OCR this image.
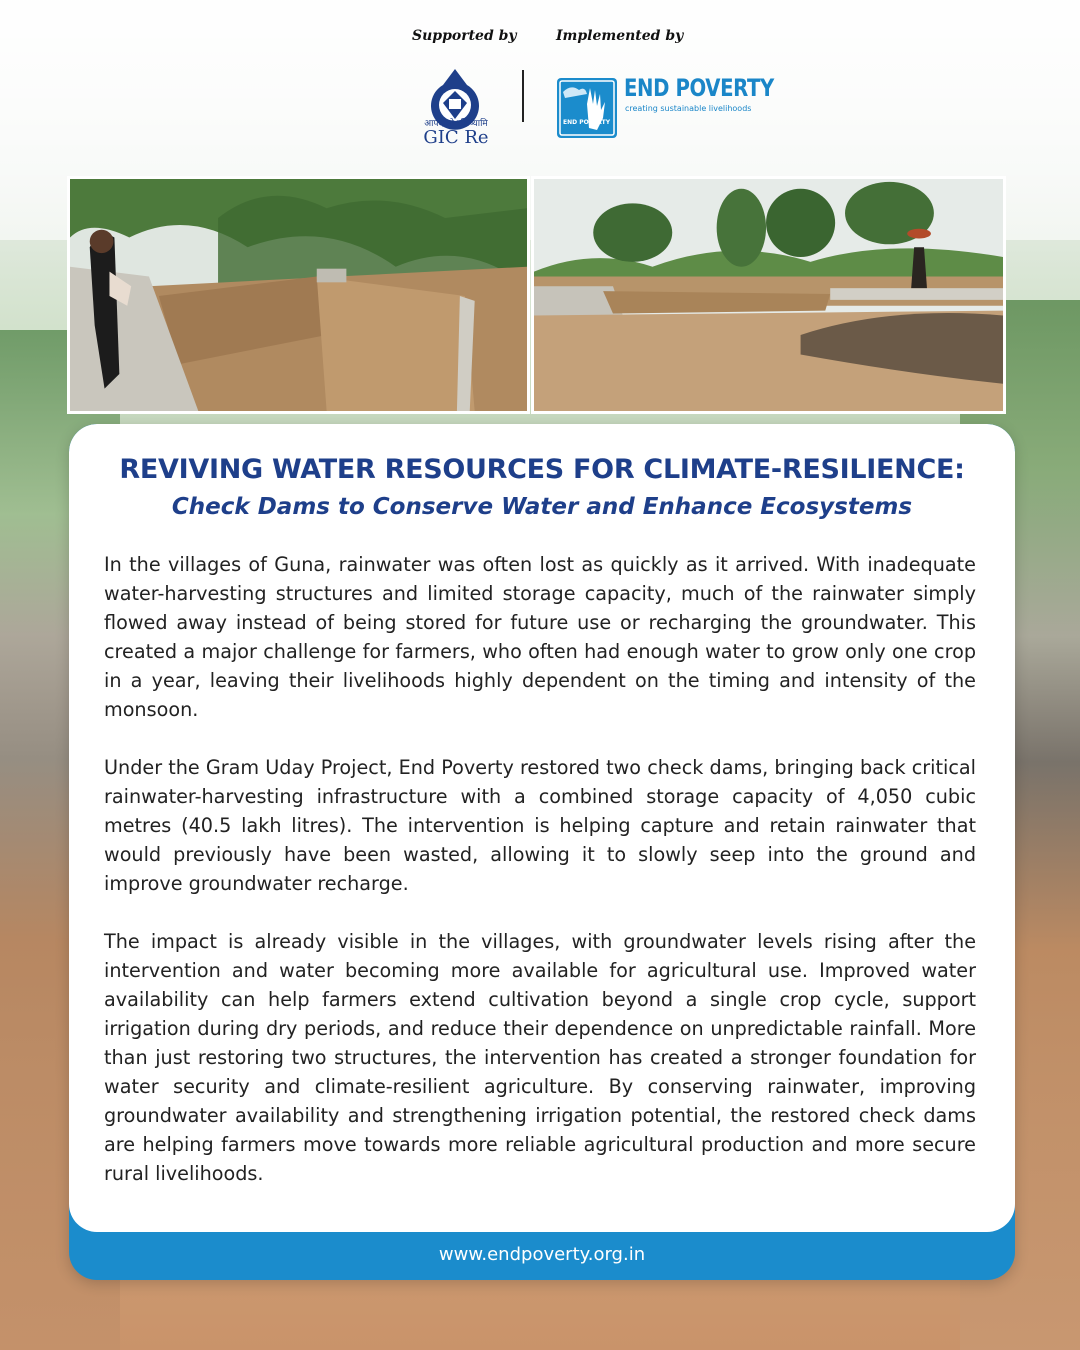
Supported by	Implemented by
आपदासो रक्षिष्यामि
GIC Re
END POVERTY
END POVERTY
creating sustainable livelihoods
REVIVING WATER RESOURCES FOR CLIMATE-RESILIENCE:
Check Dams to Conserve Water and Enhance Ecosystems

In the villages of Guna, rainwater was often lost as quickly as it arrived. With inadequate water-harvesting structures and limited storage capacity, much of the rainwater simply flowed away instead of being stored for future use or recharging the groundwater. This created a major challenge for farmers, who often had enough water to grow only one crop in a year, leaving their livelihoods highly dependent on the timing and intensity of the monsoon.

Under the Gram Uday Project, End Poverty restored two check dams, bringing back critical rainwater-harvesting infrastructure with a combined storage capacity of 4,050 cubic metres (40.5 lakh litres). The intervention is helping capture and retain rainwater that would previously have been wasted, allowing it to slowly seep into the ground and improve groundwater recharge.

The impact is already visible in the villages, with groundwater levels rising after the intervention and water becoming more available for agricultural use. Improved water availability can help farmers extend cultivation beyond a single crop cycle, support irrigation during dry periods, and reduce their dependence on unpredictable rainfall. More than just restoring two structures, the intervention has created a stronger foundation for water security and climate-resilient agriculture. By conserving rainwater, improving groundwater availability and strengthening irrigation potential, the restored check dams are helping farmers move towards more reliable agricultural production and more secure rural livelihoods.

www.endpoverty.org.in
